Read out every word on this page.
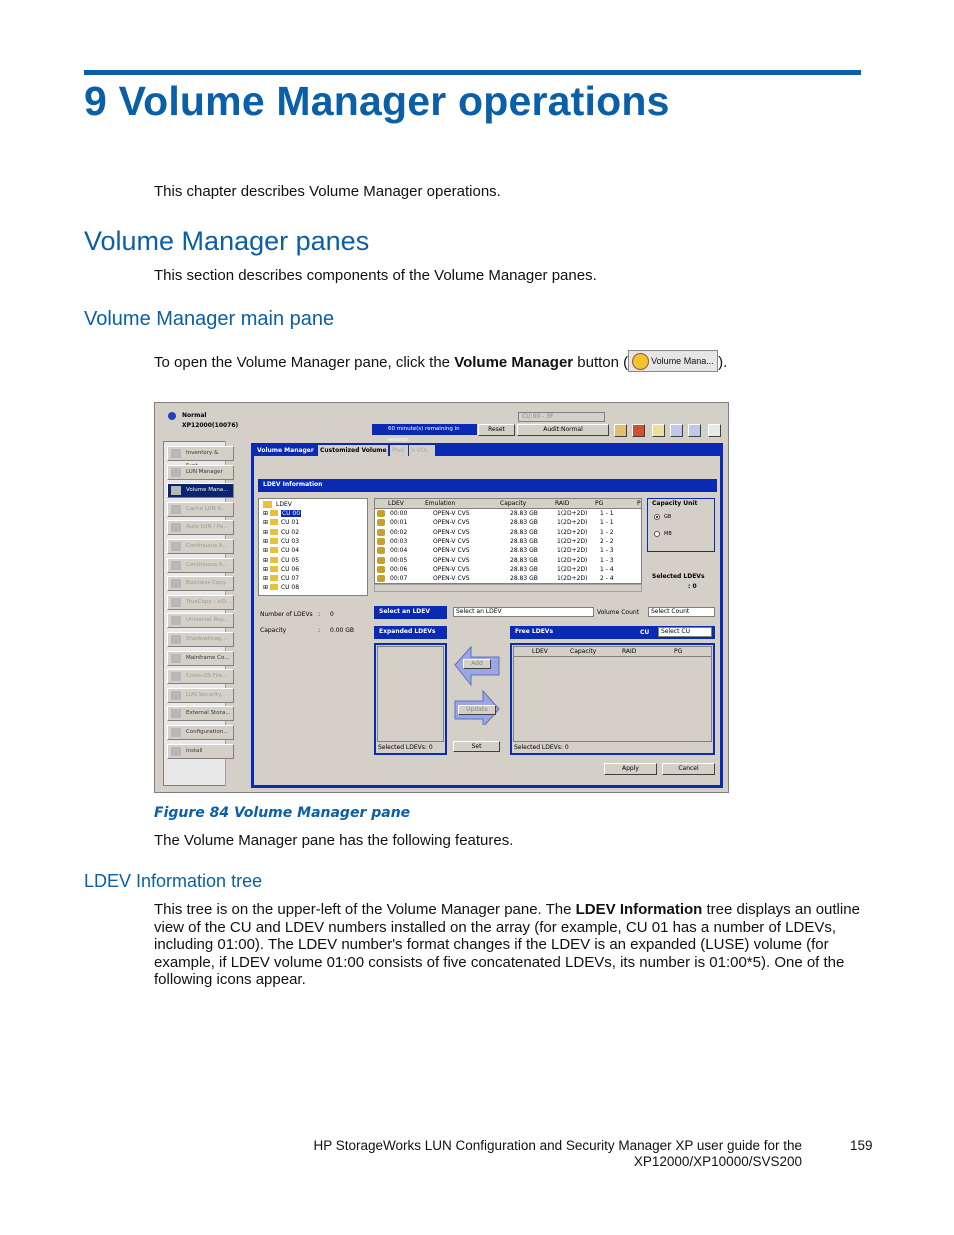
9 Volume Manager operations
This chapter describes Volume Manager operations.
Volume Manager panes
This section describes components of the Volume Manager panes.
Volume Manager main pane
To open the Volume Manager pane, click the Volume Manager button (	Volume Mana... ).
Normal
XP12000(10076)	60 minute(s) remaining in session.
Reset
CU:00 - 3F
Audit:Normal
Inventory &
LUN Manager
Volume Mana...
Cache LUN X...
Auto LUN / Pe...
Continuous A...
Continuous A...
Business Copy
TrueCopy - z/O...
Universal Rep...
ShadowImag...
Mainframe Co...
Cross-OS File...
LUN Security...
External Stora...
Configuration...
Install
Volume Manager	Customized Volume Pool	V-VOL
LDEV Information
LDEV
⊞ CU 00
⊞ CU 01
⊞ CU 02
⊞ CU 03
⊞ CU 04
⊞ CU 05
⊞ CU 06
⊞ CU 07
⊞ CU 08
LDEV	Emulation	Capacity	RAID	PG	P
00:00	OPEN-V CVS	28.83 GB	1(2D+2D) 1 - 1
00:01	OPEN-V CVS	28.83 GB	1(2D+2D) 1 - 1
00:02	OPEN-V CVS	28.83 GB	1(2D+2D) 1 - 2
00:03	OPEN-V CVS	28.83 GB	1(2D+2D) 2 - 2
00:04	OPEN-V CVS	28.83 GB	1(2D+2D) 1 - 3
00:05	OPEN-V CVS	28.83 GB	1(2D+2D) 1 - 3
00:06	OPEN-V CVS	28.83 GB	1(2D+2D) 1 - 4
00:07	OPEN-V CVS	28.83 GB	1(2D+2D) 2 - 4
Capacity Unit
GB
MB
Selected LDEVs
: 0
Number of LDEVs : 0
Capacity	: 0.00 GB
Select an LDEV	Select an LDEV	Volume Count	Select Count
Expanded LDEVs
Selected LDEVs: 0
Add
Update
Set
Free LDEVs	CU	Select CU
LDEV	Capacity	RAID	PG
Selected LDEVs: 0
Apply	Cancel
Figure 84 Volume Manager pane
The Volume Manager pane has the following features.
LDEV Information tree
This tree is on the upper-left of the Volume Manager pane. The LDEV Information tree displays an outline view of the CU and LDEV numbers installed on the array (for example, CU 01 has a number of LDEVs, including 01:00). The LDEV number's format changes if the LDEV is an expanded (LUSE) volume (for example, if LDEV volume 01:00 consists of five concatenated LDEVs, its number is 01:00*5). One of the following icons appear.
HP StorageWorks LUN Configuration and Security Manager XP user guide for the
XP12000/XP10000/SVS200
159
